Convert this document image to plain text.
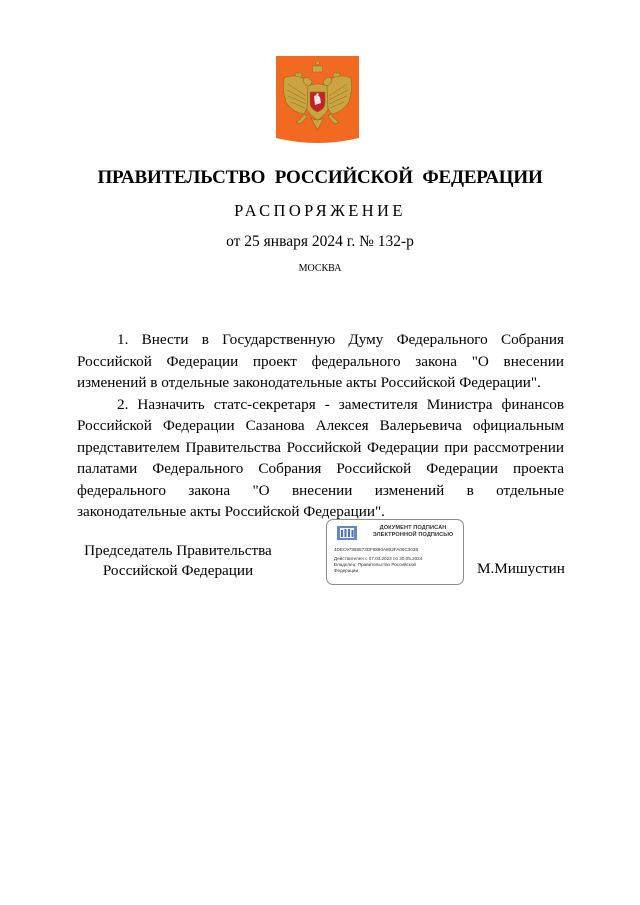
ПРАВИТЕЛЬСТВО РОССИЙСКОЙ ФЕДЕРАЦИИ
РАСПОРЯЖЕНИЕ
от 25 января 2024 г. № 132-р
МОСКВА

1. Внести в Государственную Думу Федерального Собрания Российской Федерации проект федерального закона "О внесении изменений в отдельные законодательные акты Российской Федерации".

2. Назначить статс-секретаря - заместителя Министра финансов Российской Федерации Сазанова Алексея Валерьевича официальным представителем Правительства Российской Федерации при рассмотрении палатами Федерального Собрания Российской Федерации проекта федерального закона "О внесении изменений в отдельные законодательные акты Российской Федерации".

Председатель Правительства
Российской Федерации
ДОКУМЕНТ ПОДПИСАН
ЭЛЕКТРОННОЙ ПОДПИСЬЮ
4DEC97888873DF8880A803FA06C3038
Действителен с 07.03.2023 по 30.05.2024
Владелец: Правительство Российской Федерации	М.Мишустин
